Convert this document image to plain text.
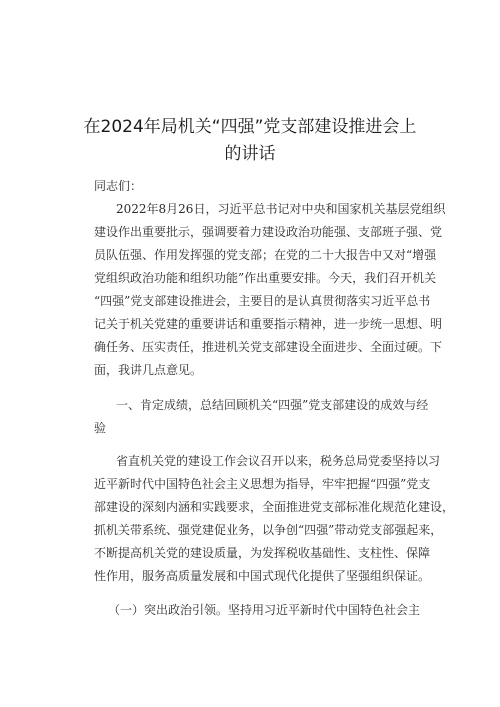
在2024年局机关“四强”党支部建设推进会上
的讲话
同志们：
2022年8月26日，习近平总书记对中央和国家机关基层党组织
建设作出重要批示，强调要着力建设政治功能强、支部班子强、党
员队伍强、作用发挥强的党支部；在党的二十大报告中又对“增强
党组织政治功能和组织功能”作出重要安排。今天，我们召开机关
“四强”党支部建设推进会，主要目的是认真贯彻落实习近平总书
记关于机关党建的重要讲话和重要指示精神，进一步统一思想、明
确任务、压实责任，推进机关党支部建设全面进步、全面过硬。下
面，我讲几点意见。
一、肯定成绩，总结回顾机关“四强”党支部建设的成效与经
验
省直机关党的建设工作会议召开以来，税务总局党委坚持以习
近平新时代中国特色社会主义思想为指导，牢牢把握“四强”党支
部建设的深刻内涵和实践要求，全面推进党支部标准化规范化建设，
抓机关带系统、强党建促业务，以争创“四强”带动党支部强起来，
不断提高机关党的建设质量，为发挥税收基础性、支柱性、保障
性作用，服务高质量发展和中国式现代化提供了坚强组织保证。
（一）突出政治引领。坚持用习近平新时代中国特色社会主
